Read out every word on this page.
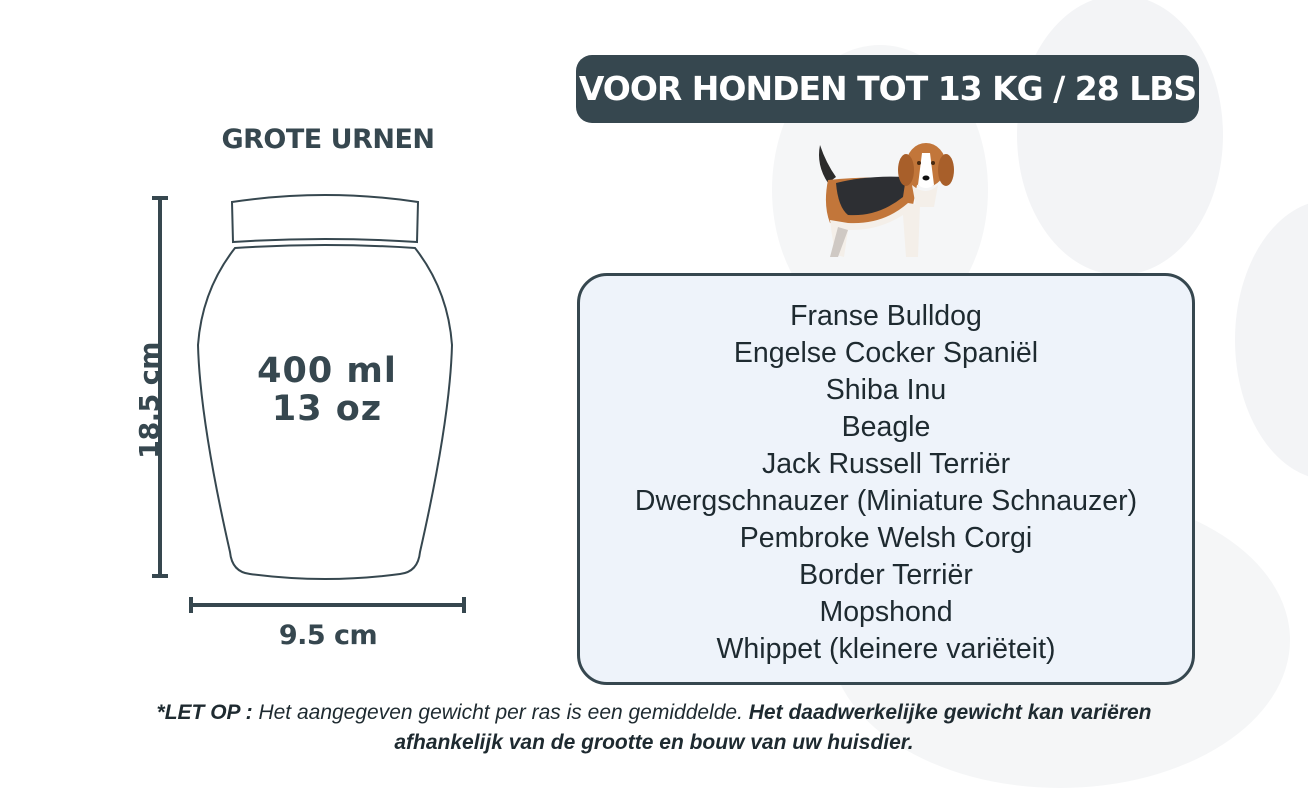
VOOR HONDEN TOT 13 KG / 28 LBS
GROTE URNEN
400 ml
13 oz
18.5 cm
9.5 cm
Franse Bulldog
Engelse Cocker Spaniël
Shiba Inu
Beagle
Jack Russell Terriër
Dwergschnauzer (Miniature Schnauzer)
Pembroke Welsh Corgi
Border Terriër
Mopshond
Whippet (kleinere variëteit)
*LET OP : Het aangegeven gewicht per ras is een gemiddelde. Het daadwerkelijke gewicht kan variëren afhankelijk van de grootte en bouw van uw huisdier.
